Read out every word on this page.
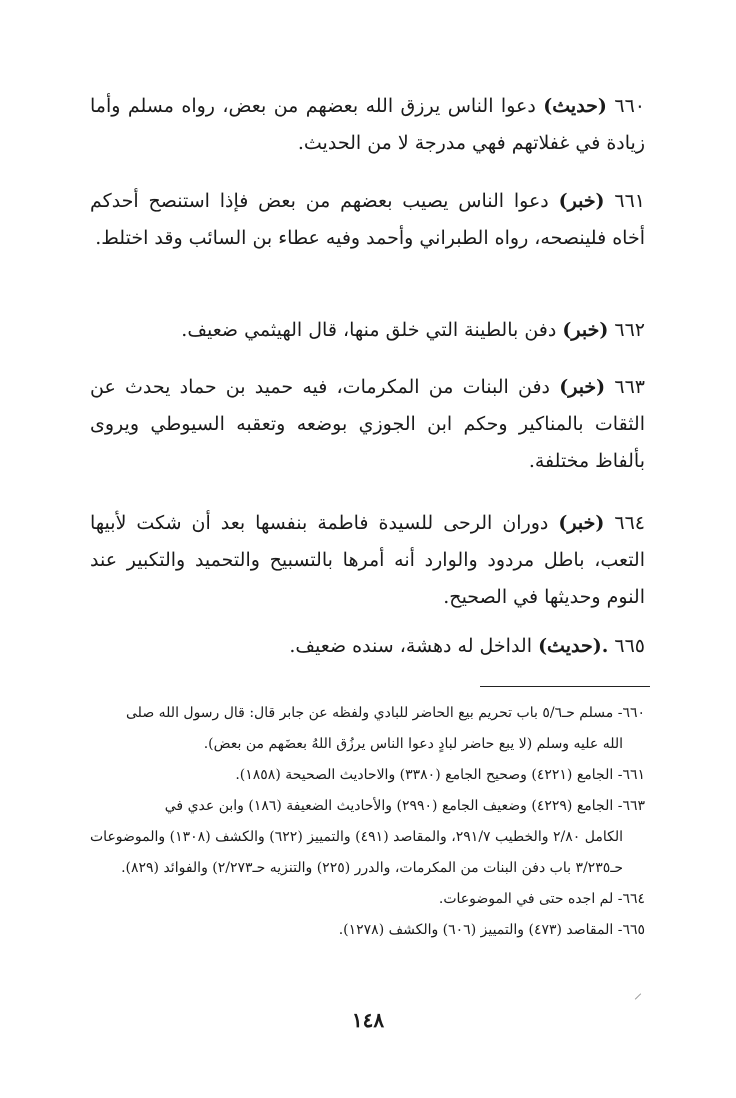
٦٦٠ (حديث) دعوا الناس يرزق الله بعضهم من بعض، رواه مسلم وأما زيادة في غفلاتهم فهي مدرجة لا من الحديث.

٦٦١ (خبر) دعوا الناس يصيب بعضهم من بعض فإذا استنصح أحدكم أخاه فلينصحه، رواه الطبراني وأحمد وفيه عطاء بن السائب وقد اختلط.

٦٦٢ (خبر) دفن بالطينة التي خلق منها، قال الهيثمي ضعيف.

٦٦٣ (خبر) دفن البنات من المكرمات، فيه حميد بن حماد يحدث عن الثقات بالمناكير وحكم ابن الجوزي بوضعه وتعقبه السيوطي ويروى بألفاظ مختلفة.

٦٦٤ (خبر) دوران الرحى للسيدة فاطمة بنفسها بعد أن شكت لأبيها التعب، باطل مردود والوارد أنه أمرها بالتسبيح والتحميد والتكبير عند النوم وحديثها في الصحيح.

٦٦٥ .(حديث) الداخل له دهشة، سنده ضعيف.

٦٦٠- مسلم حـ٥/٦ باب تحريم بيع الحاضر للبادي ولفظه عن جابر قال: قال رسول الله صلى
الله عليه وسلم (لا يبع حاضر لبادٍ دعوا الناس يرزُق اللهُ بعضَهم من بعض).

٦٦١- الجامع (٤٢٢١) وصحيح الجامع (٣٣٨٠) والاحاديث الصحيحة (١٨٥٨).

٦٦٣- الجامع (٤٢٢٩) وضعيف الجامع (٢٩٩٠) والأحاديث الضعيفة (١٨٦) وابن عدي في
الكامل ٢/٨٠ والخطيب ٢٩١/٧، والمقاصد (٤٩١) والتمييز (٦٢٢) والكشف (١٣٠٨) والموضوعات حـ٣/٢٣٥ باب دفن البنات من المكرمات، والدرر (٢٢٥) والتنزيه حـ٢/٢٧٣) والفوائد (٨٢٩).

٦٦٤- لم اجده حتى في الموضوعات.

٦٦٥- المقاصد (٤٧٣) والتمييز (٦٠٦) والكشف (١٢٧٨).

١٤٨
